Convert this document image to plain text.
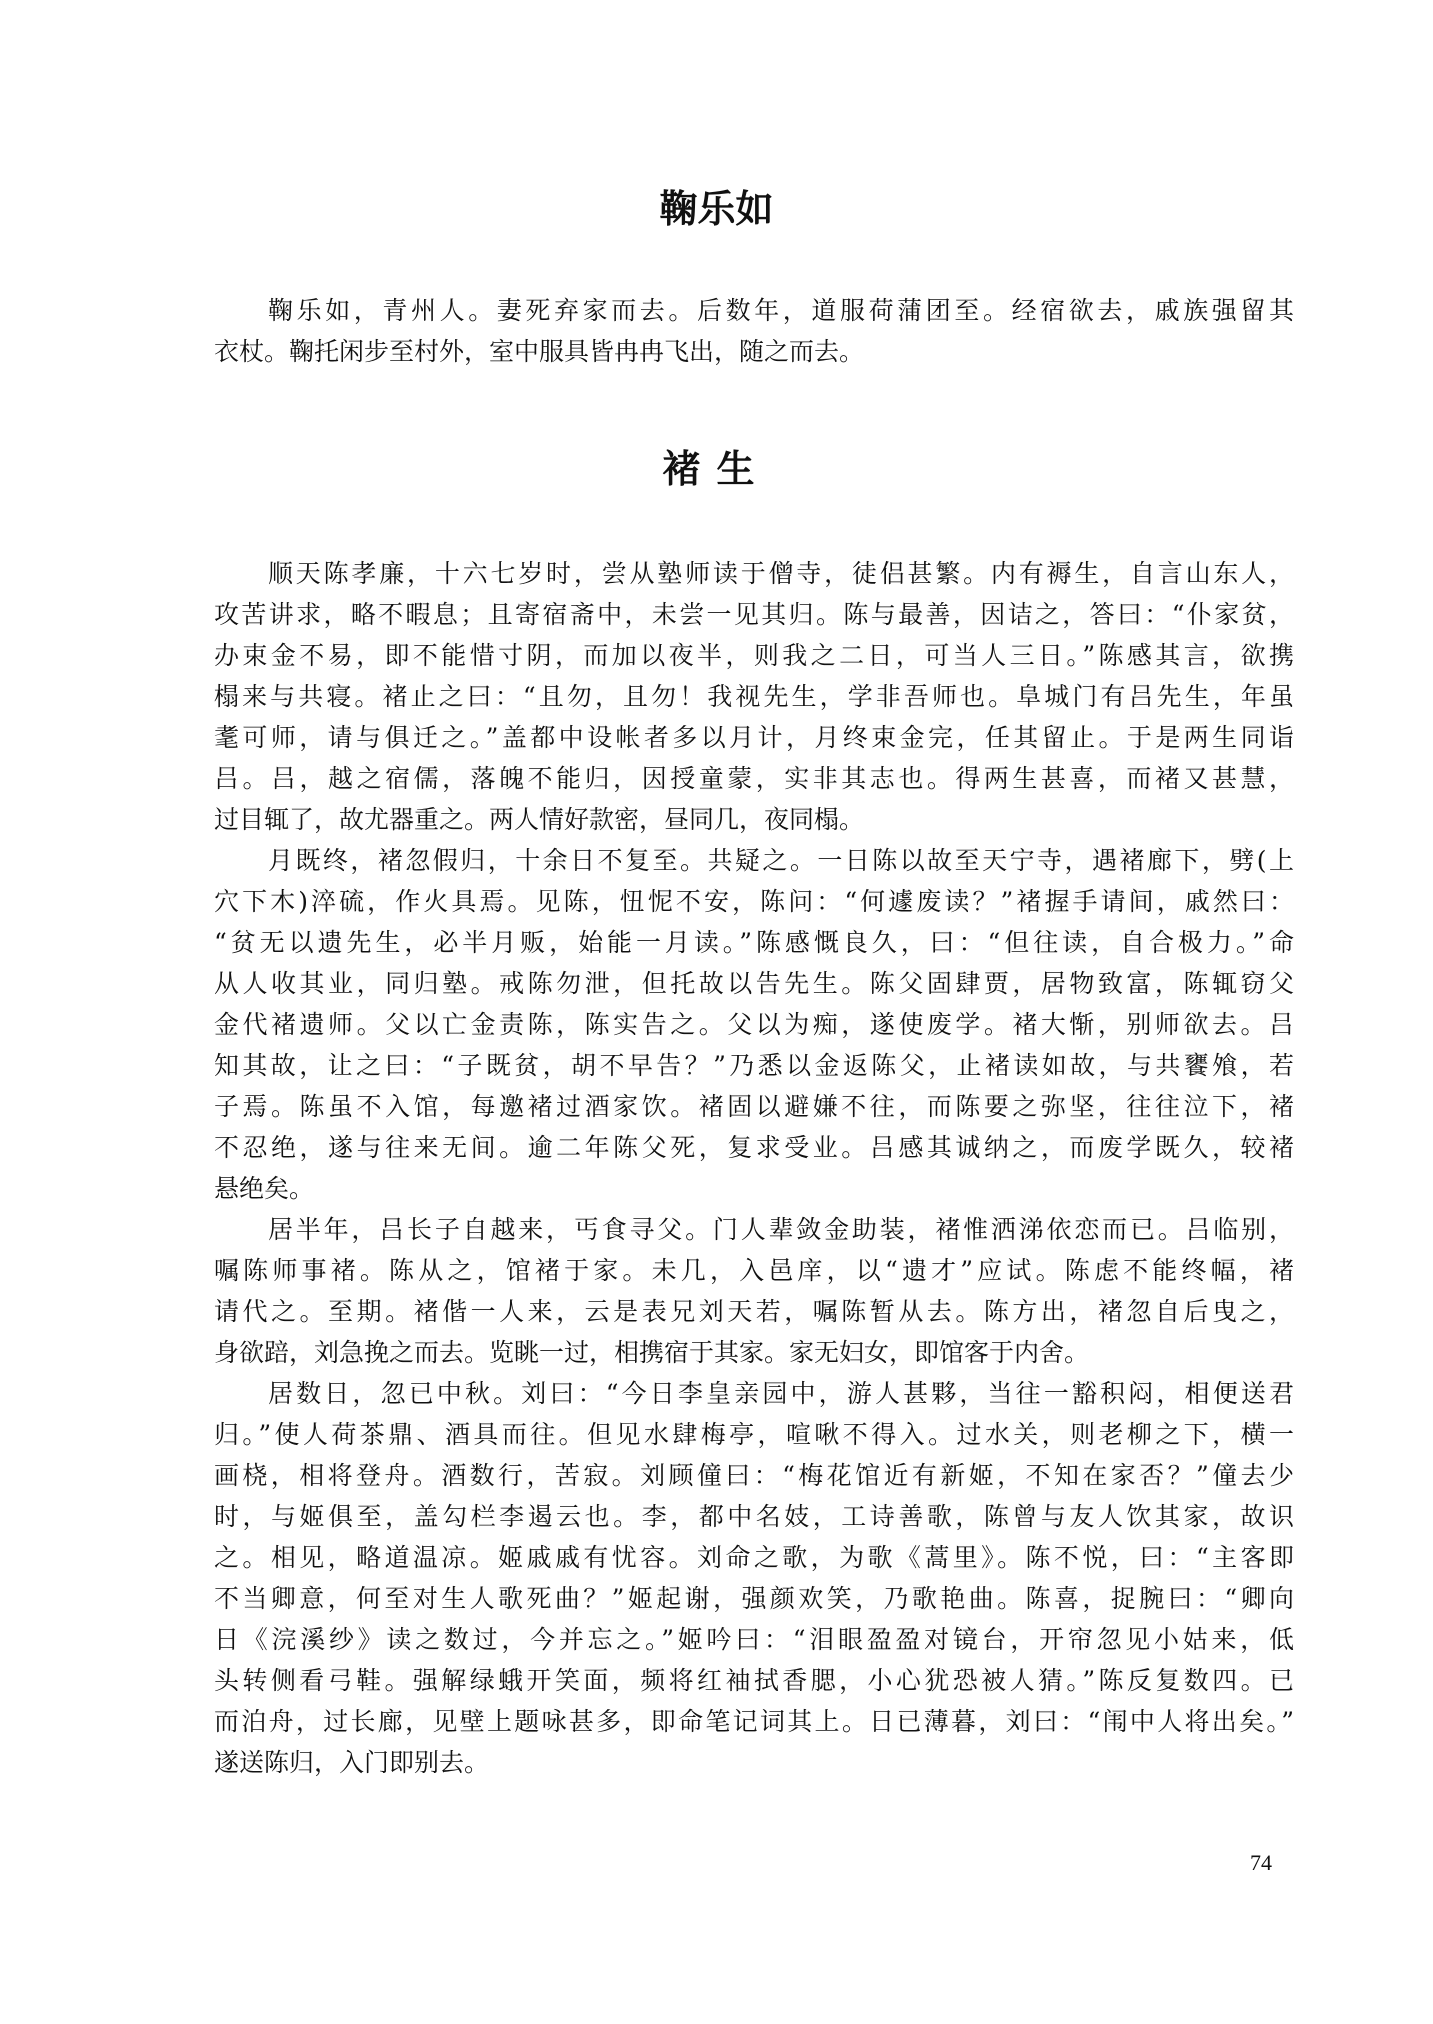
鞠乐如
鞠乐如，青州人。妻死弃家而去。后数年，道服荷蒲团至。经宿欲去，戚族强留其
衣杖。鞠托闲步至村外，室中服具皆冉冉飞出，随之而去。
褚生
顺天陈孝廉，十六七岁时，尝从塾师读于僧寺，徒侣甚繁。内有褥生，自言山东人，
攻苦讲求，略不暇息；且寄宿斋中，未尝一见其归。陈与最善，因诘之，答曰：“仆家贫，
办束金不易，即不能惜寸阴，而加以夜半，则我之二日，可当人三日。”陈感其言，欲携
榻来与共寝。褚止之曰：“且勿，且勿！我视先生，学非吾师也。阜城门有吕先生，年虽
耄可师，请与俱迁之。”盖都中设帐者多以月计，月终束金完，任其留止。于是两生同诣
吕。吕，越之宿儒，落魄不能归，因授童蒙，实非其志也。得两生甚喜，而褚又甚慧，
过目辄了，故尤器重之。两人情好款密，昼同几，夜同榻。
月既终，褚忽假归，十余日不复至。共疑之。一日陈以故至天宁寺，遇褚廊下，劈(上
穴下木)淬硫，作火具焉。见陈，忸怩不安，陈问：“何遽废读？”褚握手请间，戚然曰：
“贫无以遗先生，必半月贩，始能一月读。”陈感慨良久，曰：“但往读，自合极力。”命
从人收其业，同归塾。戒陈勿泄，但托故以告先生。陈父固肆贾，居物致富，陈辄窃父
金代褚遗师。父以亡金责陈，陈实告之。父以为痴，遂使废学。褚大惭，别师欲去。吕
知其故，让之曰：“子既贫，胡不早告？”乃悉以金返陈父，止褚读如故，与共饔飧，若
子焉。陈虽不入馆，每邀褚过酒家饮。褚固以避嫌不往，而陈要之弥坚，往往泣下，褚
不忍绝，遂与往来无间。逾二年陈父死，复求受业。吕感其诚纳之，而废学既久，较褚
悬绝矣。
居半年，吕长子自越来，丐食寻父。门人辈敛金助装，褚惟洒涕依恋而已。吕临别，
嘱陈师事褚。陈从之，馆褚于家。未几，入邑庠，以“遗才”应试。陈虑不能终幅，褚
请代之。至期。褚偕一人来，云是表兄刘天若，嘱陈暂从去。陈方出，褚忽自后曳之，
身欲踣，刘急挽之而去。览眺一过，相携宿于其家。家无妇女，即馆客于内舍。
居数日，忽已中秋。刘曰：“今日李皇亲园中，游人甚夥，当往一豁积闷，相便送君
归。”使人荷茶鼎、酒具而往。但见水肆梅亭，喧啾不得入。过水关，则老柳之下，横一
画桡，相将登舟。酒数行，苦寂。刘顾僮曰：“梅花馆近有新姬，不知在家否？”僮去少
时，与姬俱至，盖勾栏李遏云也。李，都中名妓，工诗善歌，陈曾与友人饮其家，故识
之。相见，略道温凉。姬戚戚有忧容。刘命之歌，为歌《蒿里》。陈不悦，曰：“主客即
不当卿意，何至对生人歌死曲？”姬起谢，强颜欢笑，乃歌艳曲。陈喜，捉腕曰：“卿向
日《浣溪纱》读之数过，今并忘之。”姬吟曰：“泪眼盈盈对镜台，开帘忽见小姑来，低
头转侧看弓鞋。强解绿蛾开笑面，频将红袖拭香腮，小心犹恐被人猜。”陈反复数四。已
而泊舟，过长廊，见壁上题咏甚多，即命笔记词其上。日已薄暮，刘曰：“闱中人将出矣。”
遂送陈归，入门即别去。
74
